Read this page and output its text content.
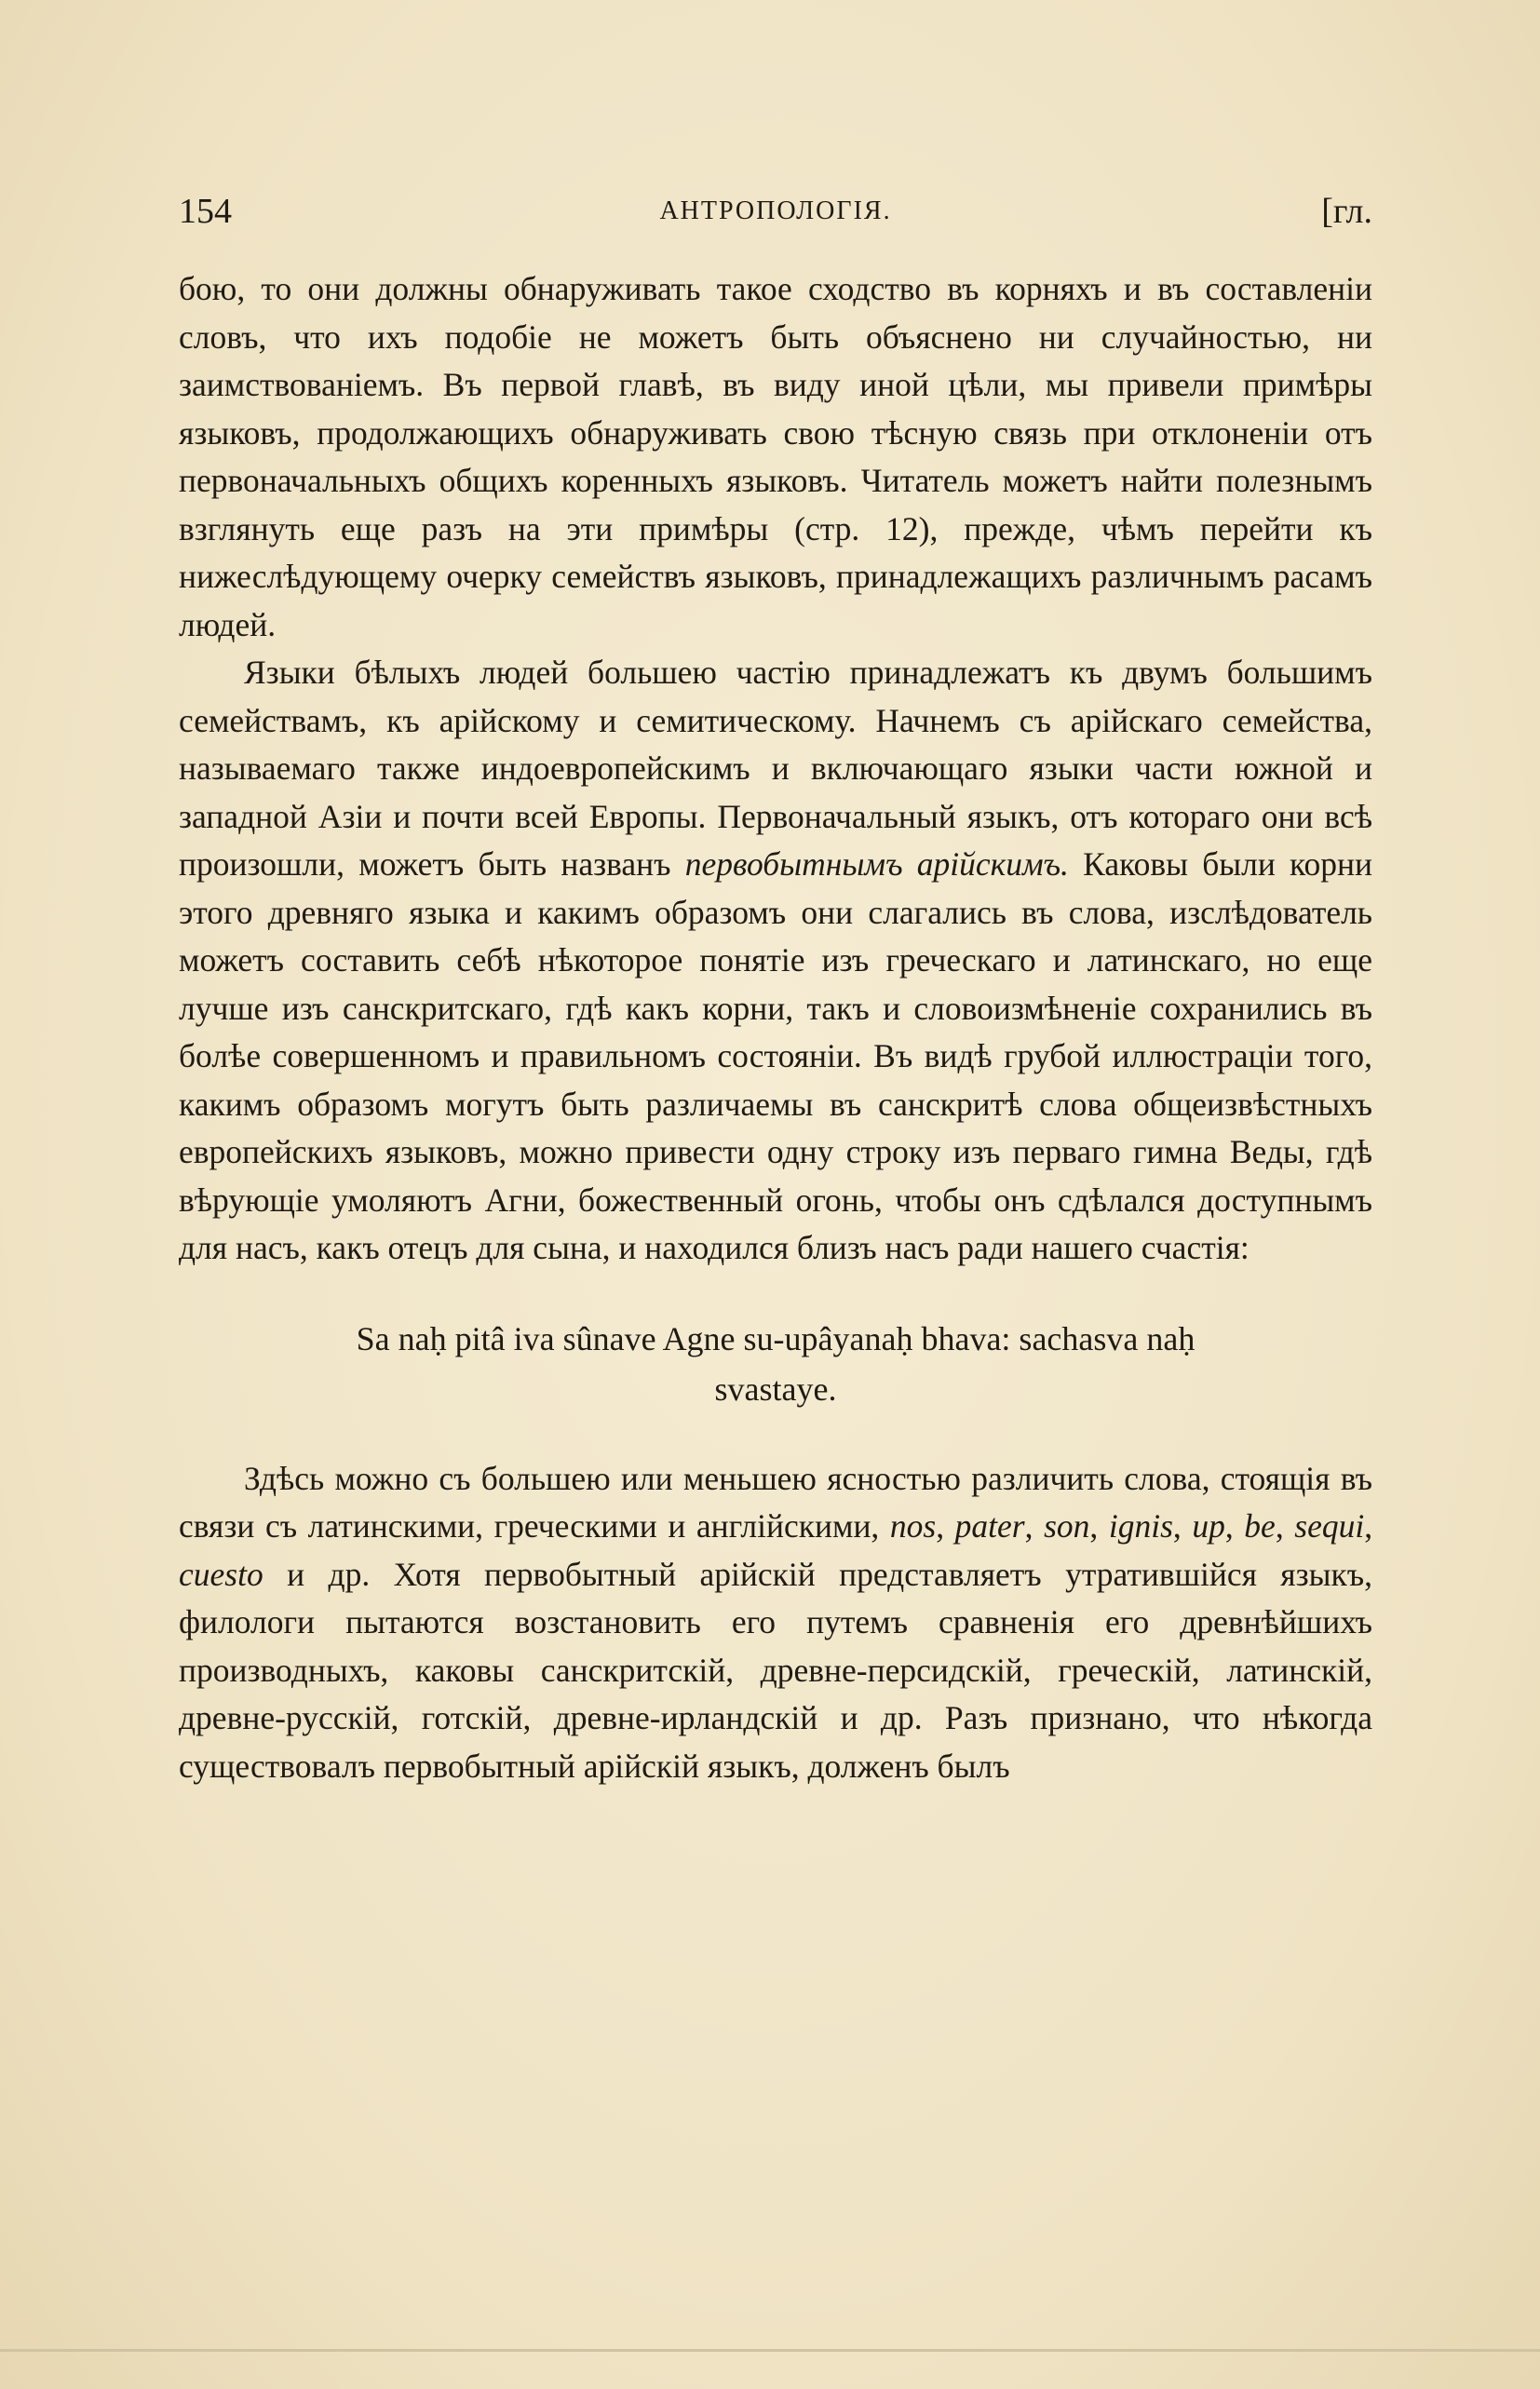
154	АНТРОПОЛОГІЯ.	[гл.

бою, то они должны обнаруживать такое сходство въ корняхъ и въ составленіи словъ, что ихъ подобіе не можетъ быть объяснено ни случайностью, ни заимствованіемъ. Въ первой главѣ, въ виду иной цѣли, мы привели примѣры языковъ, продолжающихъ обнаруживать свою тѣсную связь при отклоненіи отъ первоначальныхъ общихъ коренныхъ языковъ. Читатель можетъ найти полезнымъ взглянуть еще разъ на эти примѣры (стр. 12), прежде, чѣмъ перейти къ нижеслѣдующему очерку семействъ языковъ, принадлежащихъ различнымъ расамъ людей.

Языки бѣлыхъ людей большею частію принадлежатъ къ двумъ большимъ семействамъ, къ арійскому и семитическому. Начнемъ съ арійскаго семейства, называемаго также индоевропейскимъ и включающаго языки части южной и западной Азіи и почти всей Европы. Первоначальный языкъ, отъ котораго они всѣ произошли, можетъ быть названъ первобытнымъ арійскимъ. Каковы были корни этого древняго языка и какимъ образомъ они слагались въ слова, изслѣдователь можетъ составить себѣ нѣкоторое понятіе изъ греческаго и латинскаго, но еще лучше изъ санскритскаго, гдѣ какъ корни, такъ и словоизмѣненіе сохранились въ болѣе совершенномъ и правильномъ состояніи. Въ видѣ грубой иллюстраціи того, какимъ образомъ могутъ быть различаемы въ санскритѣ слова общеизвѣстныхъ европейскихъ языковъ, можно привести одну строку изъ перваго гимна Веды, гдѣ вѣрующіе умоляютъ Агни, божественный огонь, чтобы онъ сдѣлался доступнымъ для насъ, какъ отецъ для сына, и находился близъ насъ ради нашего счастія:

Sa naḥ pitâ iva sûnave Agne su-upâyanaḥ bhava: sachasva naḥ
svastaye.

Здѣсь можно съ большею или меньшею ясностью различить слова, стоящія въ связи съ латинскими, греческими и англійскими, nos, pater, son, ignis, up, be, sequi, cuesto и др. Хотя первобытный арійскій представляетъ утратившійся языкъ, филологи пытаются возстановить его путемъ сравненія его древнѣйшихъ производныхъ, каковы санскритскій, древне-персидскій, греческій, латинскій, древне-русскій, готскій, древне-ирландскій и др. Разъ признано, что нѣкогда существовалъ первобытный арійскій языкъ, долженъ былъ
